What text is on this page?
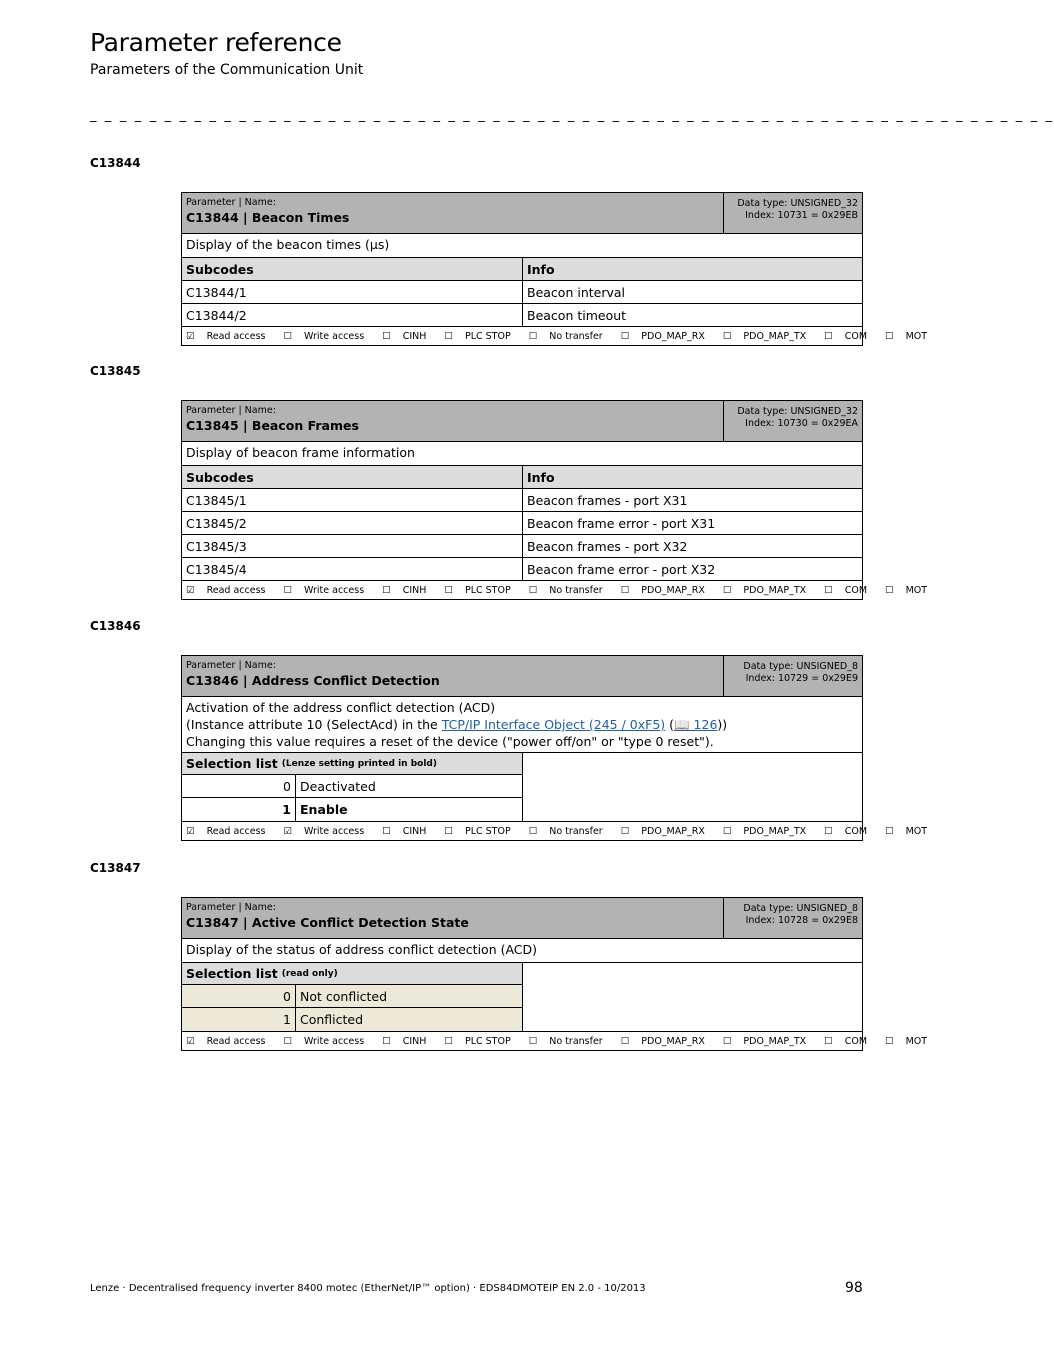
Parameter reference
Parameters of the Communication Unit
_ _ _ _ _ _ _ _ _ _ _ _ _ _ _ _ _ _ _ _ _ _ _ _ _ _ _ _ _ _ _ _ _ _ _ _ _ _ _ _ _ _ _ _ _ _ _ _ _ _ _ _ _ _ _ _ _ _ _ _ _ _ _ _ _
C13844
Parameter | Name:
C13844 | Beacon Times
Data type: UNSIGNED_32
Index: 10731 = 0x29EB
Display of the beacon times (µs)
Subcodes	Info
C13844/1	Beacon interval
C13844/2	Beacon timeout
☑ Read access	☐ Write access	☐ CINH	☐ PLC STOP	☐ No transfer	☐ PDO_MAP_RX	☐ PDO_MAP_TX	☐ COM	☐ MOT
C13845
Parameter | Name:
C13845 | Beacon Frames
Data type: UNSIGNED_32
Index: 10730 = 0x29EA
Display of beacon frame information
Subcodes	Info
C13845/1	Beacon frames - port X31
C13845/2	Beacon frame error - port X31
C13845/3	Beacon frames - port X32
C13845/4	Beacon frame error - port X32
☑ Read access	☐ Write access	☐ CINH	☐ PLC STOP	☐ No transfer	☐ PDO_MAP_RX	☐ PDO_MAP_TX	☐ COM	☐ MOT
C13846
Parameter | Name:
C13846 | Address Conflict Detection
Data type: UNSIGNED_8
Index: 10729 = 0x29E9
Activation of the address conflict detection (ACD)
(Instance attribute 10 (SelectAcd) in the TCP/IP Interface Object (245 / 0xF5) (📖 126))
Changing this value requires a reset of the device ("power off/on" or "type 0 reset").
Selection list (Lenze setting printed in bold)
0 Deactivated
1 Enable
☑ Read access	☑ Write access	☐ CINH	☐ PLC STOP	☐ No transfer	☐ PDO_MAP_RX	☐ PDO_MAP_TX	☐ COM	☐ MOT
C13847
Parameter | Name:
C13847 | Active Conflict Detection State
Data type: UNSIGNED_8
Index: 10728 = 0x29E8
Display of the status of address conflict detection (ACD)
Selection list (read only)
0 Not conflicted
1 Conflicted
☑ Read access	☐ Write access	☐ CINH	☐ PLC STOP	☐ No transfer	☐ PDO_MAP_RX	☐ PDO_MAP_TX	☐ COM	☐ MOT
Lenze · Decentralised frequency inverter 8400 motec (EtherNet/IP™ option) · EDS84DMOTEIP EN 2.0 - 10/2013	98
